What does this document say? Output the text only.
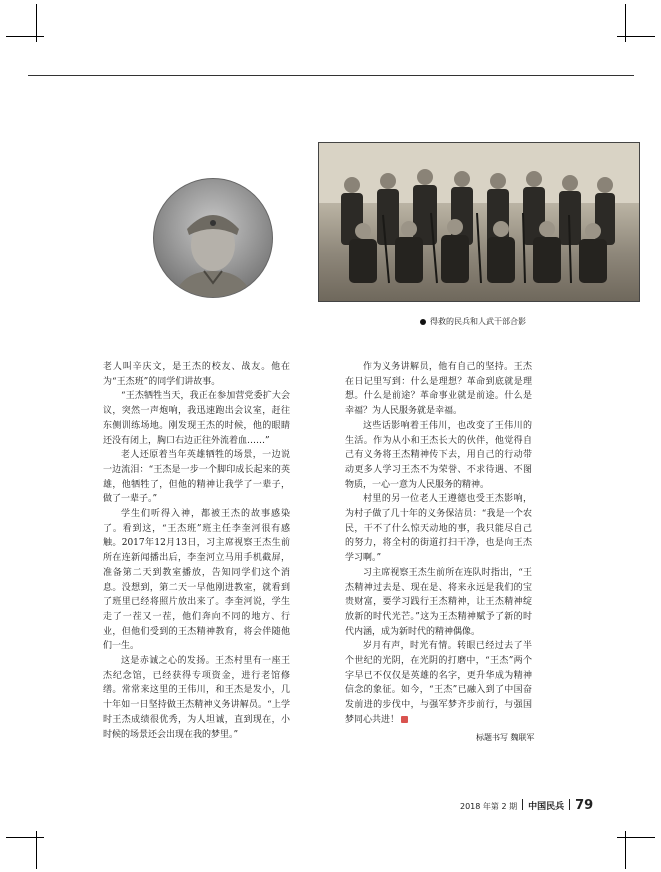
得救的民兵和人武干部合影

老人叫辛庆文，是王杰的校友、战友。他在为“王杰班”的同学们讲故事。

“王杰牺牲当天，我正在参加营党委扩大会议，突然一声炮响，我迅速跑出会议室，赶往东侧训练场地。刚发现王杰的时候，他的眼睛还没有闭上，胸口右边正往外流着血……”

老人还原着当年英雄牺牲的场景，一边说一边流泪：“王杰是一步一个脚印成长起来的英雄，他牺牲了，但他的精神让我学了一辈子，做了一辈子。”

学生们听得入神，都被王杰的故事感染了。看到这，“王杰班”班主任李奎河很有感触。2017年12月13日，习主席视察王杰生前所在连新闻播出后，李奎河立马用手机截屏，准备第二天到教室播放，告知同学们这个消息。没想到，第二天一早他刚进教室，就看到了班里已经将照片放出来了。李奎河说，学生走了一茬又一茬，他们奔向不同的地方、行业，但他们受到的王杰精神教育，将会伴随他们一生。

这是赤诚之心的发扬。王杰村里有一座王杰纪念馆，已经获得专项资金，进行老馆修缮。常常来这里的王伟川，和王杰是发小，几十年如一日坚持做王杰精神义务讲解员。“上学时王杰成绩很优秀，为人坦诚，直到现在，小时候的场景还会出现在我的梦里。”

作为义务讲解员，他有自己的坚持。王杰在日记里写到：什么是理想？革命到底就是理想。什么是前途？革命事业就是前途。什么是幸福？为人民服务就是幸福。

这些话影响着王伟川，也改变了王伟川的生活。作为从小和王杰长大的伙伴，他觉得自己有义务将王杰精神传下去，用自己的行动带动更多人学习王杰不为荣誉、不求待遇、不图物质，一心一意为人民服务的精神。

村里的另一位老人王遵德也受王杰影响，为村子做了几十年的义务保洁员：“我是一个农民，干不了什么惊天动地的事，我只能尽自己的努力，将全村的街道打扫干净，也是向王杰学习啊。”

习主席视察王杰生前所在连队时指出，“王杰精神过去是、现在是、将来永远是我们的宝贵财富，要学习践行王杰精神，让王杰精神绽放新的时代光芒。”这为王杰精神赋予了新的时代内涵，成为新时代的精神偶像。

岁月有声，时光有情。转眼已经过去了半个世纪的光阴，在光阴的打磨中，“王杰”两个字早已不仅仅是英雄的名字，更升华成为精神信念的象征。如今，“王杰”已融入到了中国奋发前进的步伐中，与强军梦齐步前行，与强国梦同心共进！

标题书写 魏联军
2018 年第 2 期 中国民兵 79
